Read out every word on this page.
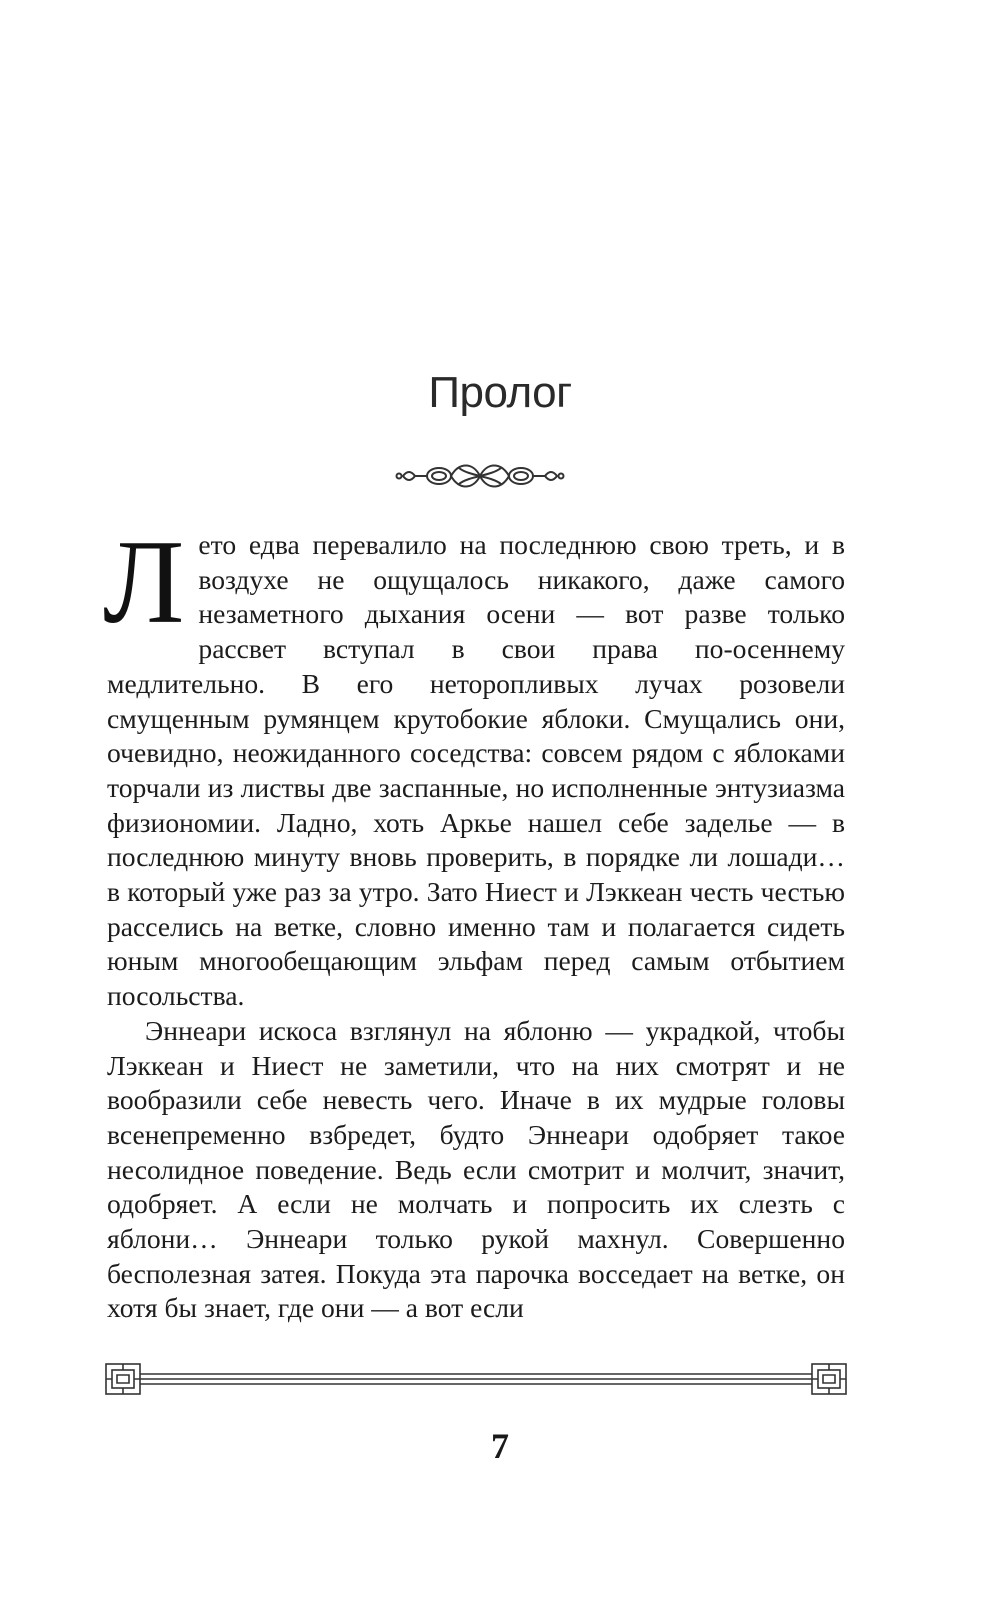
Пролог

Лето едва перевалило на последнюю свою треть, и в воздухе не ощущалось никакого, даже самого незаметного дыхания осени — вот разве только рассвет вступал в свои права по-осеннему медлительно. В его неторопливых лучах розовели смущенным румянцем крутобокие яблоки. Смущались они, очевидно, неожиданного соседства: совсем рядом с яблоками торчали из листвы две заспанные, но исполненные энтузиазма физиономии. Ладно, хоть Аркье нашел себе заделье — в последнюю минуту вновь проверить, в порядке ли лошади… в который уже раз за утро. Зато Ниест и Лэккеан честь честью расселись на ветке, словно именно там и полагается сидеть юным многообещающим эльфам перед самым отбытием посольства.

Эннеари искоса взглянул на яблоню — украдкой, чтобы Лэккеан и Ниест не заметили, что на них смотрят и не вообразили себе невесть чего. Иначе в их мудрые головы всенепременно взбредет, будто Эннеари одобряет такое несолидное поведение. Ведь если смотрит и молчит, значит, одобряет. А если не молчать и попросить их слезть с яблони… Эннеари только рукой махнул. Совершенно бесполезная затея. Покуда эта парочка восседает на ветке, он хотя бы знает, где они — а вот если

7
